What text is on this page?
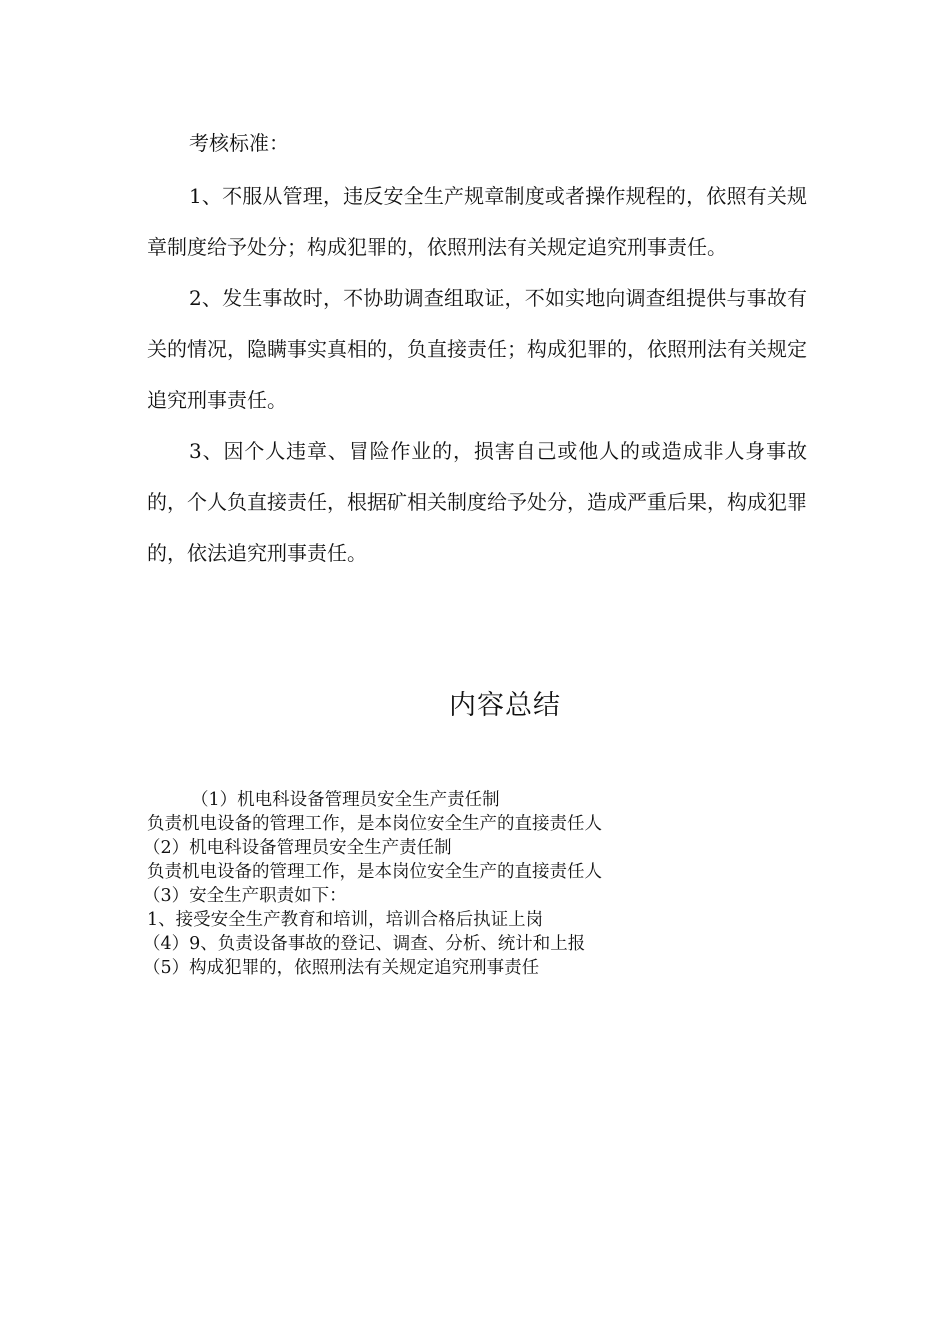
考核标准：

1、不服从管理，违反安全生产规章制度或者操作规程的，依照有关规章制度给予处分；构成犯罪的，依照刑法有关规定追究刑事责任。

2、发生事故时，不协助调查组取证，不如实地向调查组提供与事故有关的情况，隐瞒事实真相的，负直接责任；构成犯罪的，依照刑法有关规定追究刑事责任。

3、因个人违章、冒险作业的，损害自己或他人的或造成非人身事故的，个人负直接责任，根据矿相关制度给予处分，造成严重后果，构成犯罪的，依法追究刑事责任。

内容总结

（1）机电科设备管理员安全生产责任制

负责机电设备的管理工作，是本岗位安全生产的直接责任人

（2）机电科设备管理员安全生产责任制

负责机电设备的管理工作，是本岗位安全生产的直接责任人

（3）安全生产职责如下：

1、接受安全生产教育和培训，培训合格后执证上岗

（4）9、负责设备事故的登记、调查、分析、统计和上报

（5）构成犯罪的，依照刑法有关规定追究刑事责任
